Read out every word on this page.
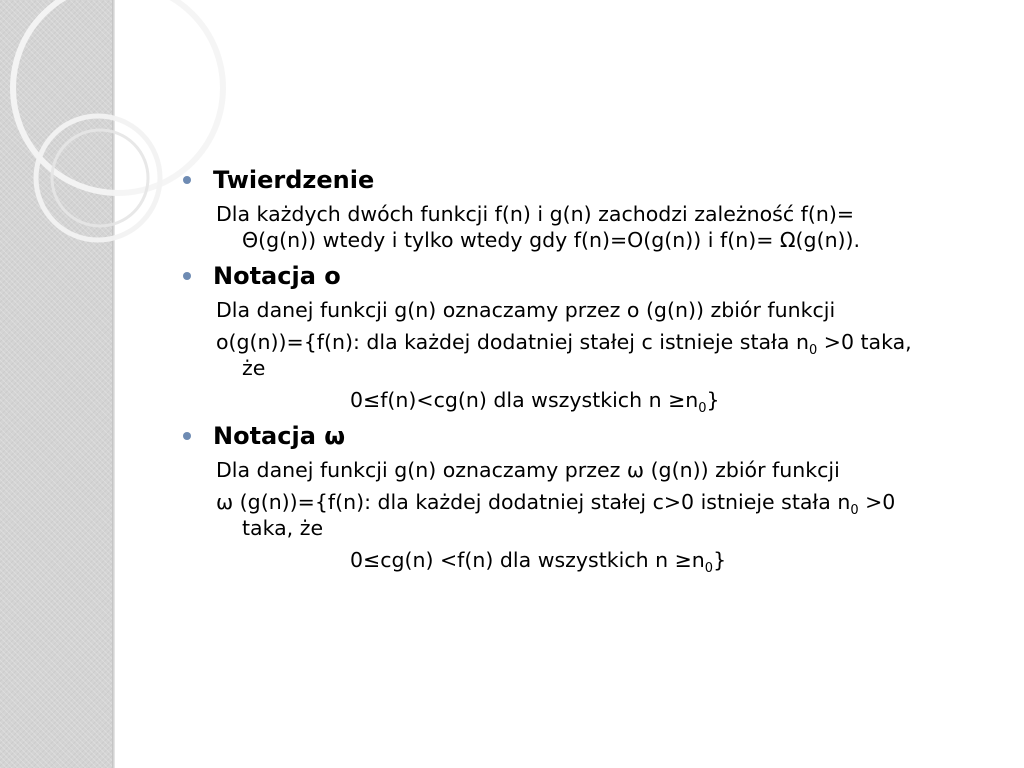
Twierdzenie
Dla każdych dwóch funkcji f(n) i g(n) zachodzi zależność f(n)=
Θ(g(n)) wtedy i tylko wtedy gdy f(n)=O(g(n)) i f(n)= Ω(g(n)).
Notacja o
Dla danej funkcji g(n) oznaczamy przez o (g(n)) zbiór funkcji
o(g(n))={f(n): dla każdej dodatniej stałej c istnieje stała $n_0 >0$ taka,
że
0≤f(n)<cg(n) dla wszystkich $n \ge n_0$}
Notacja ω
Dla danej funkcji g(n) oznaczamy przez ω (g(n)) zbiór funkcji
ω (g(n))={f(n): dla każdej dodatniej stałej c>0 istnieje stała $n_0 >0$
taka, że
0≤cg(n) <f(n) dla wszystkich $n \ge n_0$}
